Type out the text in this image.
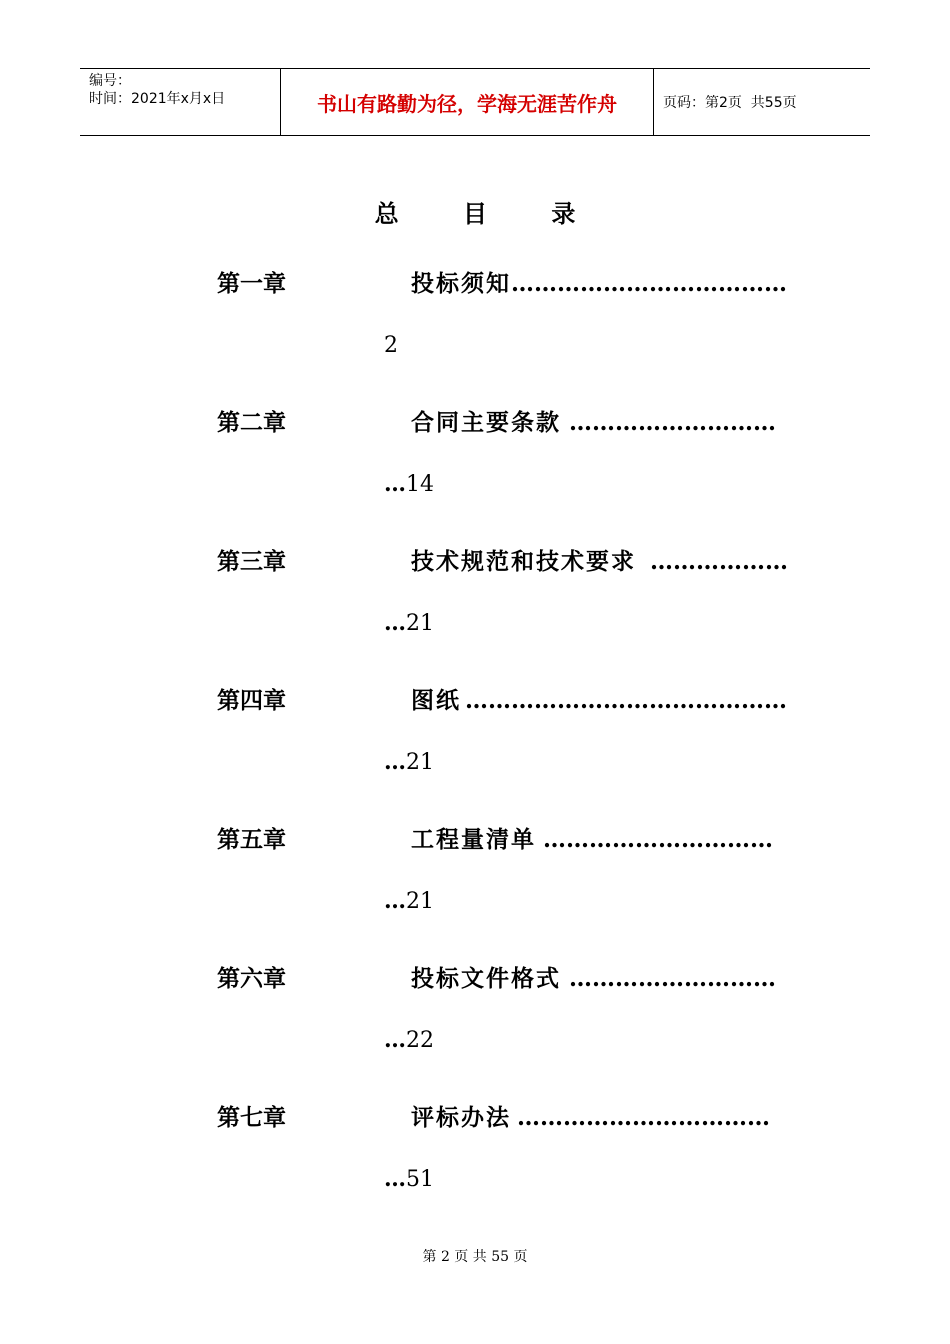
编号：
时间：2021年x月x日	书山有路勤为径，学海无涯苦作舟	页码：第2页  共55页
总 目 录
第一章	投标须知 ………………………………
2
第二章	合同主要条款 ………………………
…14
第三章	技术规范和技术要求 ………………
…21
第四章	图纸 ……………………………………
…21
第五章	工程量清单 …………………………
…21
第六章	投标文件格式 ………………………
…22
第七章	评标办法 ……………………………
…51
第 2 页 共 55 页
